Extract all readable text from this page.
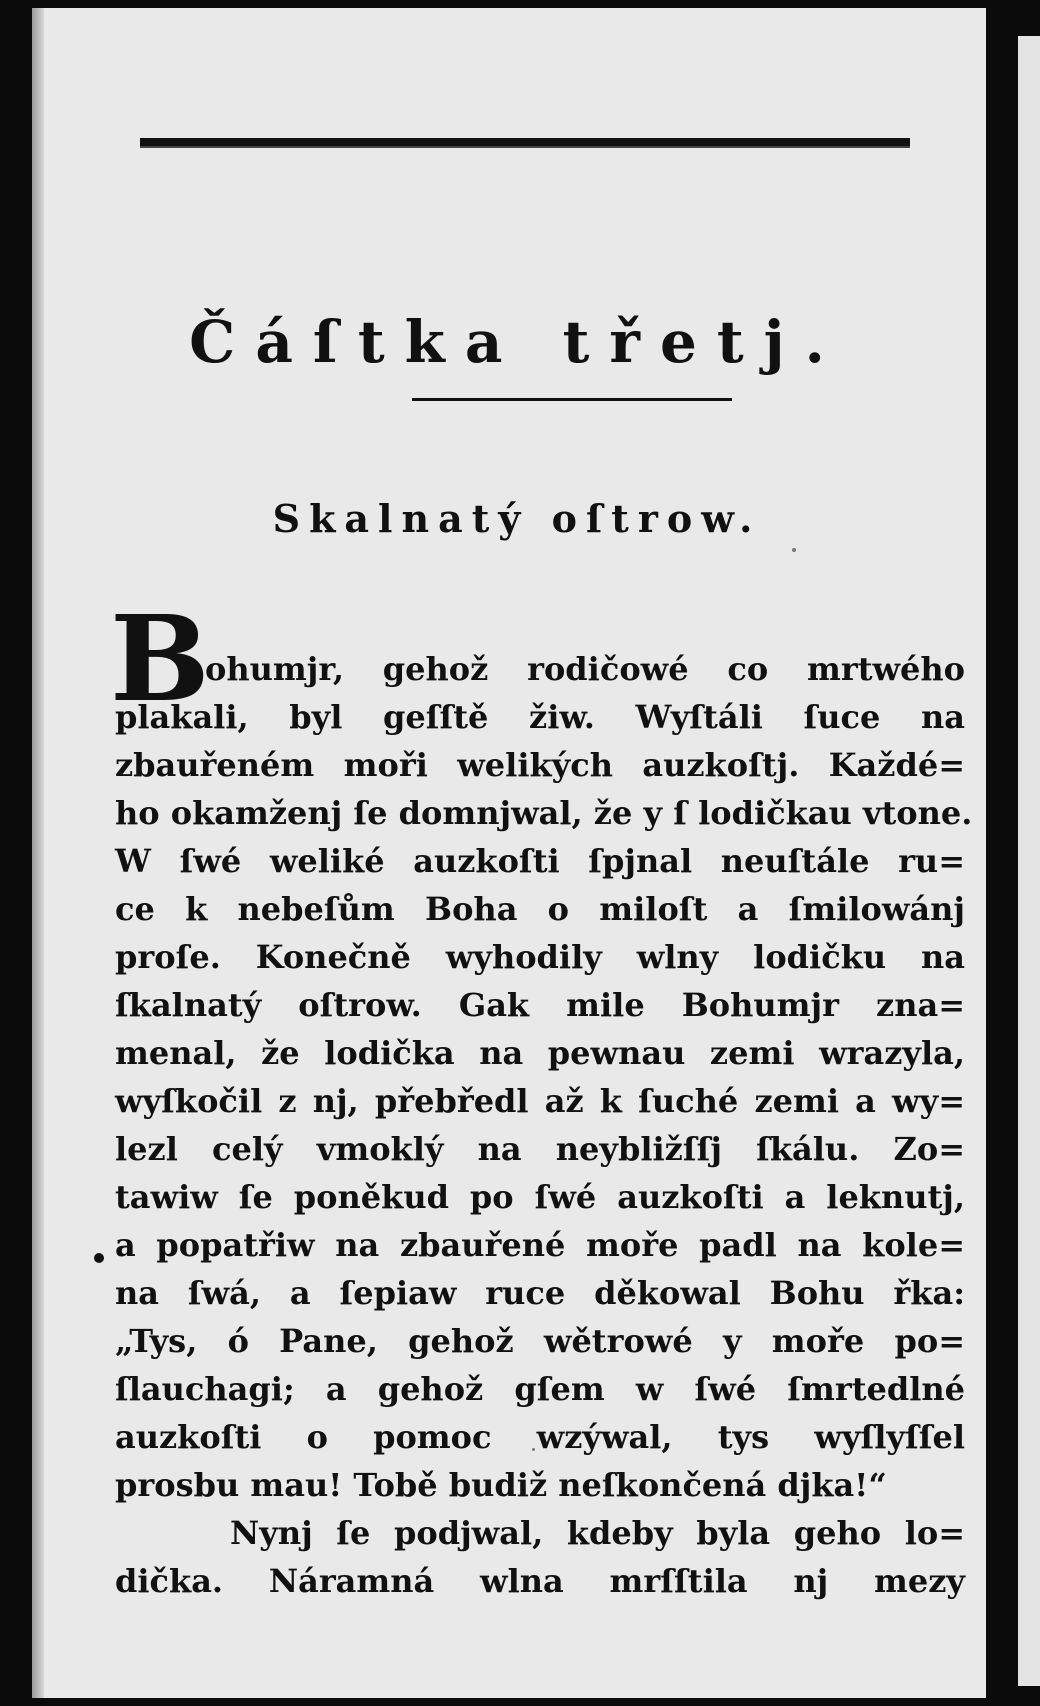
Čáſtka třetj.
Skalnatý oſtrow.
B
ohumjr, gehož rodičowé co mrtwého
plakali, byl geſſtě žiw. Wyſtáli ſuce na
zbauřeném moři welikých auzkoſtj. Každé=
ho okamženj ſe domnjwal, že y ſ lodičkau vtone.
W ſwé weliké auzkoſti ſpjnal neuſtále ru=
ce k nebeſům Boha o miloſt a ſmilowánj
proſe. Konečně wyhodily wlny lodičku na
ſkalnatý oſtrow. Gak mile Bohumjr zna=
menal, že lodička na pewnau zemi wrazyla,
wyſkočil z nj, přebředl až k ſuché zemi a wy=
lezl celý vmoklý na neybližſſj ſkálu. Zo=
tawiw ſe poněkud po ſwé auzkoſti a leknutj,
a popatřiw na zbauřené moře padl na kole=
na ſwá, a ſepiaw ruce děkowal Bohu řka:
„Tys, ó Pane, gehož wětrowé y moře po=
ſlauchagi; a gehož gſem w ſwé ſmrtedlné
auzkoſti o pomoc wzýwal, tys wyſlyſſel
prosbu mau! Tobě budiž neſkončená djka!“
Nynj ſe podjwal, kdeby byla geho lo=
dička. Náramná wlna mrſſtila nj mezy
